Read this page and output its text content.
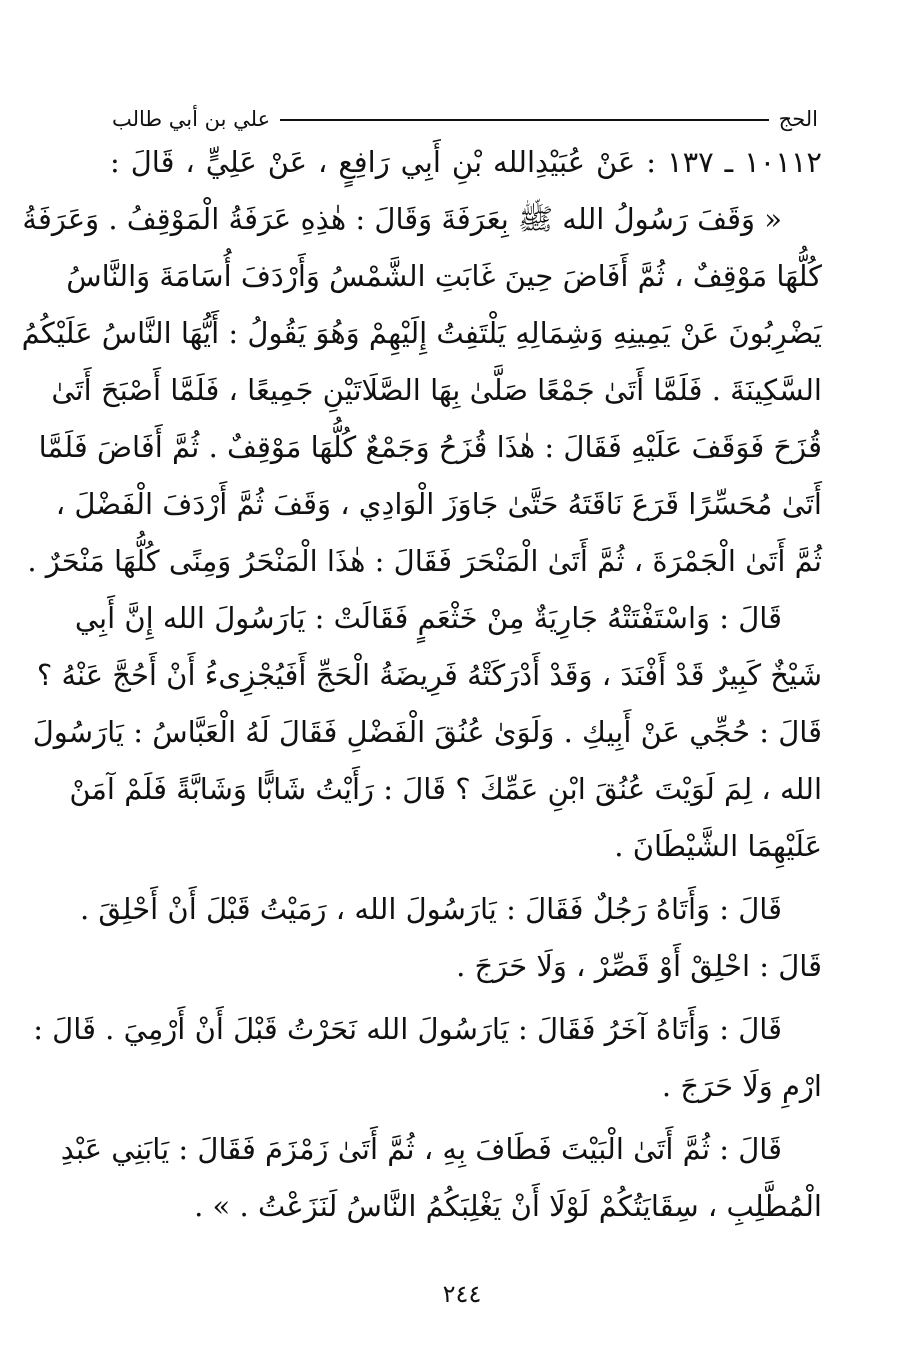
الحج
علي بن أبي طالب
١٠١١٢ ـ ١٣٧ : عَنْ عُبَيْدِالله بْنِ أَبِي رَافِعٍ ، عَنْ عَلِيٍّ ، قَالَ :
« وَقَفَ رَسُولُ الله ﷺ بِعَرَفَةَ وَقَالَ : هٰذِهِ عَرَفَةُ الْمَوْقِفُ . وَعَرَفَةُ
كُلُّهَا مَوْقِفٌ ، ثُمَّ أَفَاضَ حِينَ غَابَتِ الشَّمْسُ وَأَرْدَفَ أُسَامَةَ وَالنَّاسُ
يَضْرِبُونَ عَنْ يَمِينِهِ وَشِمَالِهِ يَلْتَفِتُ إِلَيْهِمْ وَهُوَ يَقُولُ : أَيُّهَا النَّاسُ عَلَيْكُمُ
السَّكِينَةَ . فَلَمَّا أَتَىٰ جَمْعًا صَلَّىٰ بِهَا الصَّلَاتَيْنِ جَمِيعًا ، فَلَمَّا أَصْبَحَ أَتَىٰ
قُزَحَ فَوَقَفَ عَلَيْهِ فَقَالَ : هٰذَا قُزَحُ وَجَمْعٌ كُلُّهَا مَوْقِفٌ . ثُمَّ أَفَاضَ فَلَمَّا
أَتَىٰ مُحَسِّرًا قَرَعَ نَاقَتَهُ حَتَّىٰ جَاوَزَ الْوَادِي ، وَقَفَ ثُمَّ أَرْدَفَ الْفَضْلَ ،
ثُمَّ أَتَىٰ الْجَمْرَةَ ، ثُمَّ أَتَىٰ الْمَنْحَرَ فَقَالَ : هٰذَا الْمَنْحَرُ وَمِنًى كُلُّهَا مَنْحَرٌ .
قَالَ : وَاسْتَفْتَتْهُ جَارِيَةٌ مِنْ خَثْعَمٍ فَقَالَتْ : يَارَسُولَ الله إِنَّ أَبِي
شَيْخٌ كَبِيرٌ قَدْ أَفْنَدَ ، وَقَدْ أَدْرَكَتْهُ فَرِيضَةُ الْحَجِّ أَفَيُجْزِىءُ أَنْ أَحُجَّ عَنْهُ ؟
قَالَ : حُجِّي عَنْ أَبِيكِ . وَلَوَىٰ عُنُقَ الْفَضْلِ فَقَالَ لَهُ الْعَبَّاسُ : يَارَسُولَ
الله ، لِمَ لَوَيْتَ عُنُقَ ابْنِ عَمِّكَ ؟ قَالَ : رَأَيْتُ شَابًّا وَشَابَّةً فَلَمْ آمَنْ
عَلَيْهِمَا الشَّيْطَانَ .
قَالَ : وَأَتَاهُ رَجُلٌ فَقَالَ : يَارَسُولَ الله ، رَمَيْتُ قَبْلَ أَنْ أَحْلِقَ .
قَالَ : احْلِقْ أَوْ قَصِّرْ ، وَلَا حَرَجَ .
قَالَ : وَأَتَاهُ آخَرُ فَقَالَ : يَارَسُولَ الله نَحَرْتُ قَبْلَ أَنْ أَرْمِيَ . قَالَ :
ارْمِ وَلَا حَرَجَ .
قَالَ : ثُمَّ أَتَىٰ الْبَيْتَ فَطَافَ بِهِ ، ثُمَّ أَتَىٰ زَمْزَمَ فَقَالَ : يَابَنِي عَبْدِ
الْمُطَّلِبِ ، سِقَايَتُكُمْ لَوْلَا أَنْ يَغْلِبَكُمُ النَّاسُ لَنَزَعْتُ . » .
٢٤٤
